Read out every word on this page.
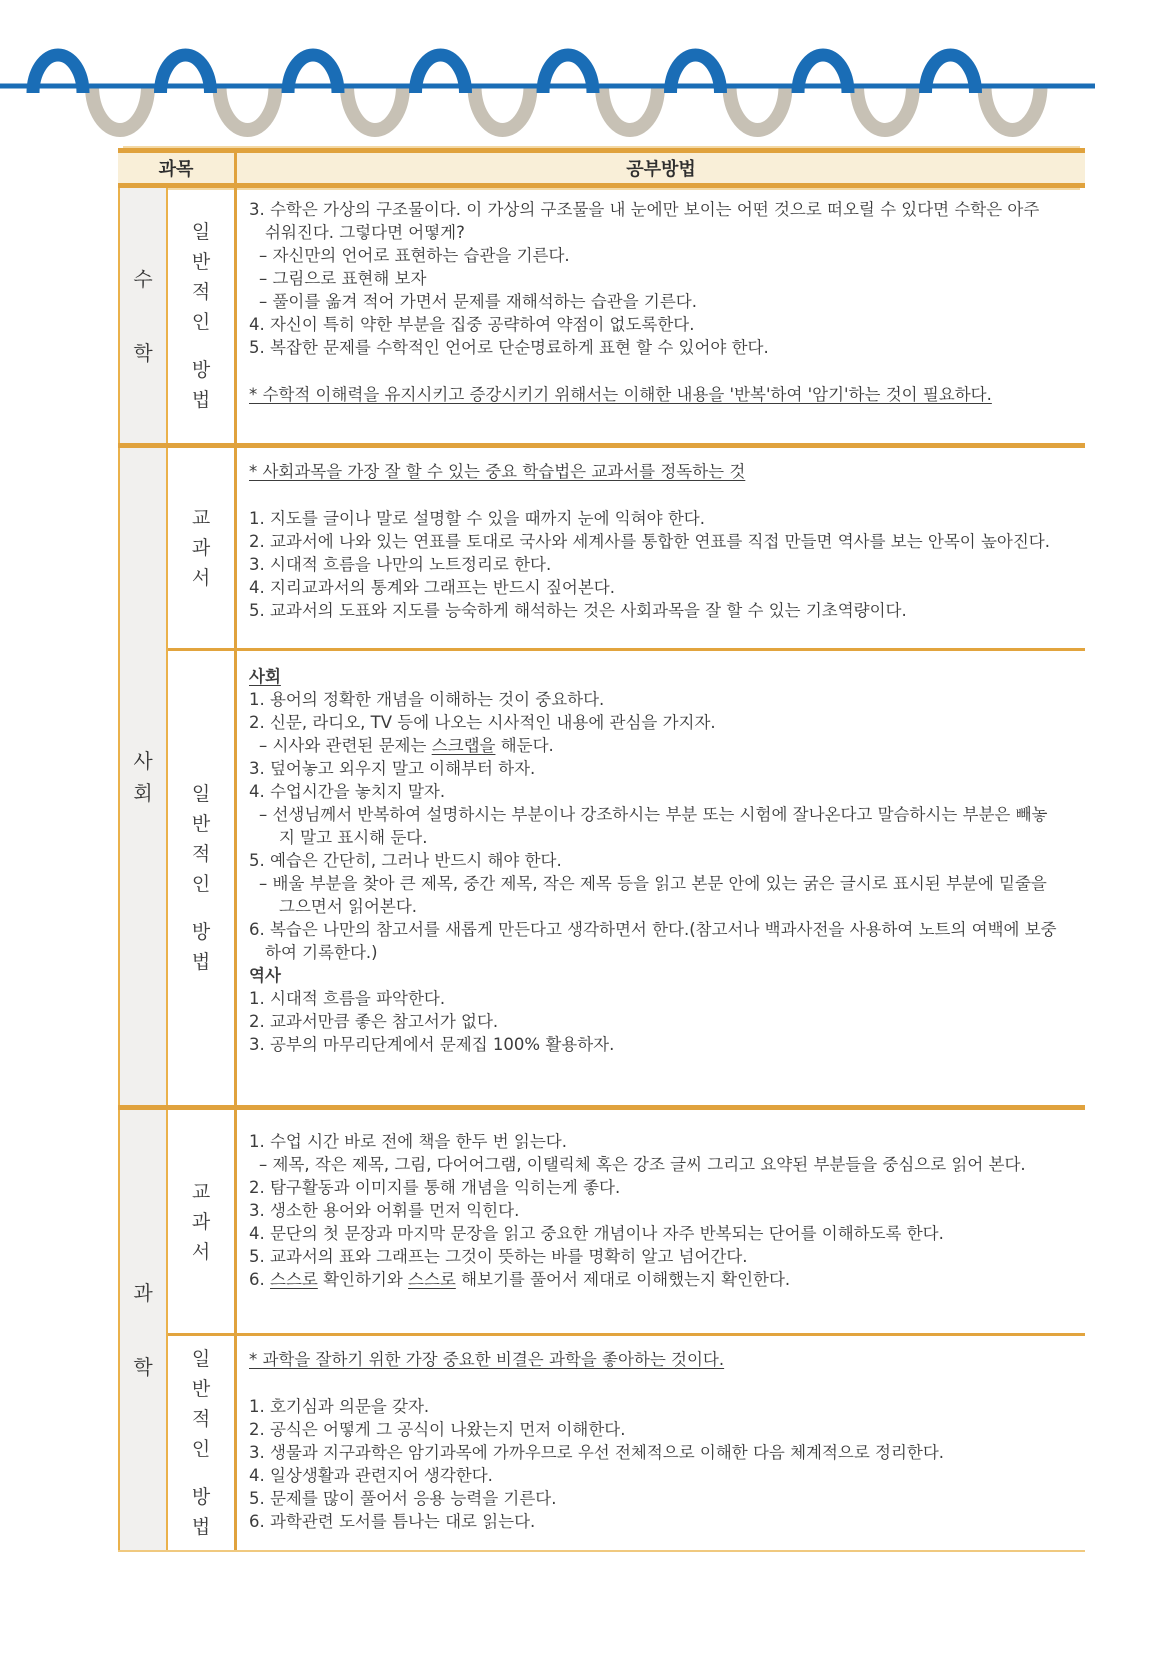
과목	공부방법
수
학
일
반
적
인
방
법
3. 수학은 가상의 구조물이다. 이 가상의 구조물을 내 눈에만 보이는 어떤 것으로 떠오릴 수 있다면 수학은 아주
쉬워진다. 그렇다면 어떻게?
– 자신만의 언어로 표현하는 습관을 기른다.
– 그림으로 표현해 보자
– 풀이를 옮겨 적어 가면서 문제를 재해석하는 습관을 기른다.
4. 자신이 특히 약한 부분을 집중 공략하여 약점이 없도록한다.
5. 복잡한 문제를 수학적인 언어로 단순명료하게 표현 할 수 있어야 한다.
* 수학적 이해력을 유지시키고 증강시키기 위해서는 이해한 내용을 '반복'하여 '암기'하는 것이 필요하다.
사
회
교
과
서
* 사회과목을 가장 잘 할 수 있는 중요 학습법은 교과서를 정독하는 것
1. 지도를 글이나 말로 설명할 수 있을 때까지 눈에 익혀야 한다.
2. 교과서에 나와 있는 연표를 토대로 국사와 세계사를 통합한 연표를 직접 만들면 역사를 보는 안목이 높아진다.
3. 시대적 흐름을 나만의 노트정리로 한다.
4. 지리교과서의 통계와 그래프는 반드시 짚어본다.
5. 교과서의 도표와 지도를 능숙하게 해석하는 것은 사회과목을 잘 할 수 있는 기초역량이다.
일
반
적
인
방
법
사회
1. 용어의 정확한 개념을 이해하는 것이 중요하다.
2. 신문, 라디오, TV 등에 나오는 시사적인 내용에 관심을 가지자.
– 시사와 관련된 문제는 스크랩을 해둔다.
3. 덮어놓고 외우지 말고 이해부터 하자.
4. 수업시간을 놓치지 말자.
– 선생님께서 반복하여 설명하시는 부분이나 강조하시는 부분 또는 시험에 잘나온다고 말슴하시는 부분은 빼놓
지 말고 표시해 둔다.
5. 예습은 간단히, 그러나 반드시 해야 한다.
– 배울 부분을 찾아 큰 제목, 중간 제목, 작은 제목 등을 읽고 본문 안에 있는 굵은 글시로 표시된 부분에 밑줄을
그으면서 읽어본다.
6. 복습은 나만의 참고서를 새롭게 만든다고 생각하면서 한다.(참고서나 백과사전을 사용하여 노트의 여백에 보중
하여 기록한다.)
역사
1. 시대적 흐름을 파악한다.
2. 교과서만큼 좋은 참고서가 없다.
3. 공부의 마무리단계에서 문제집 100% 활용하자.
과
학
교
과
서
1. 수업 시간 바로 전에 책을 한두 번 읽는다.
– 제목, 작은 제목, 그림, 다어어그램, 이탤릭체 혹은 강조 글씨 그리고 요약된 부분들을 중심으로 읽어 본다.
2. 탐구활동과 이미지를 통해 개념을 익히는게 좋다.
3. 생소한 용어와 어휘를 먼저 익힌다.
4. 문단의 첫 문장과 마지막 문장을 읽고 중요한 개념이나 자주 반복되는 단어를 이해하도록 한다.
5. 교과서의 표와 그래프는 그것이 뜻하는 바를 명확히 알고 넘어간다.
6. 스스로 확인하기와 스스로 해보기를 풀어서 제대로 이해했는지 확인한다.
일
반
적
인
방
법
* 과학을 잘하기 위한 가장 중요한 비결은 과학을 좋아하는 것이다.
1. 호기심과 의문을 갖자.
2. 공식은 어떻게 그 공식이 나왔는지 먼저 이해한다.
3. 생물과 지구과학은 암기과목에 가까우므로 우선 전체적으로 이해한 다음 체계적으로 정리한다.
4. 일상생활과 관련지어 생각한다.
5. 문제를 많이 풀어서 응용 능력을 기른다.
6. 과학관련 도서를 틈나는 대로 읽는다.
